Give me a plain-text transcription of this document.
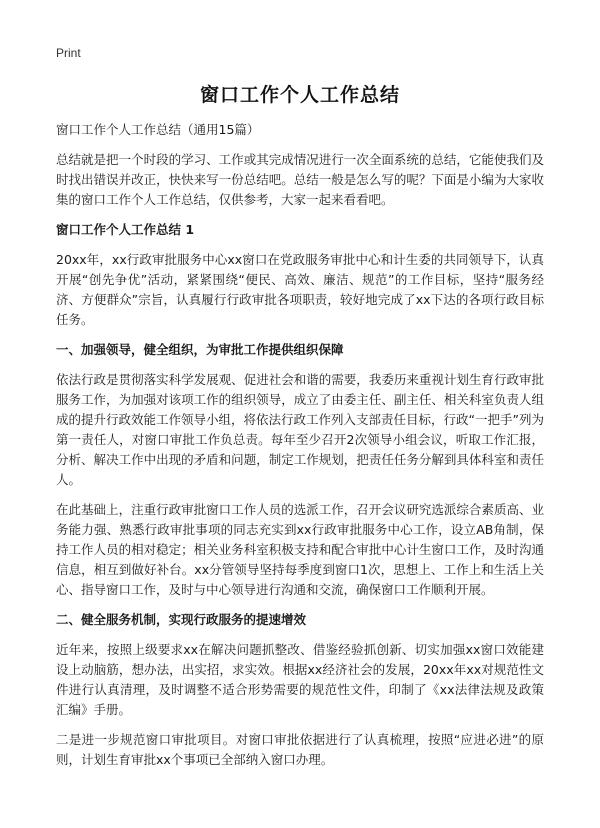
Print
窗口工作个人工作总结
窗口工作个人工作总结（通用15篇）

总结就是把一个时段的学习、工作或其完成情况进行一次全面系统的总结，它能使我们及时找出错误并改正，快快来写一份总结吧。总结一般是怎么写的呢？下面是小编为大家收集的窗口工作个人工作总结，仅供参考，大家一起来看看吧。

窗口工作个人工作总结 1

20xx年，xx行政审批服务中心xx窗口在党政服务审批中心和计生委的共同领导下，认真开展“创先争优”活动，紧紧围绕“便民、高效、廉洁、规范”的工作目标，坚持“服务经济、方便群众”宗旨，认真履行行政审批各项职责，较好地完成了xx下达的各项行政目标任务。

一、加强领导，健全组织，为审批工作提供组织保障

依法行政是贯彻落实科学发展观、促进社会和谐的需要，我委历来重视计划生育行政审批服务工作，为加强对该项工作的组织领导，成立了由委主任、副主任、相关科室负责人组成的提升行政效能工作领导小组，将依法行政工作列入支部责任目标，行政“一把手”列为第一责任人，对窗口审批工作负总责。每年至少召开2次领导小组会议，听取工作汇报，分析、解决工作中出现的矛盾和问题，制定工作规划，把责任任务分解到具体科室和责任人。

在此基础上，注重行政审批窗口工作人员的选派工作，召开会议研究选派综合素质高、业务能力强、熟悉行政审批事项的同志充实到xx行政审批服务中心工作，设立AB角制，保持工作人员的相对稳定；相关业务科室积极支持和配合审批中心计生窗口工作，及时沟通信息，相互到做好补台。xx分管领导坚持每季度到窗口1次，思想上、工作上和生活上关心、指导窗口工作，及时与中心领导进行沟通和交流，确保窗口工作顺利开展。

二、健全服务机制，实现行政服务的提速增效

近年来，按照上级要求xx在解决问题抓整改、借鉴经验抓创新、切实加强xx窗口效能建设上动脑筋，想办法，出实招，求实效。根据xx经济社会的发展，20xx年xx对规范性文件进行认真清理，及时调整不适合形势需要的规范性文件，印制了《xx法律法规及政策汇编》手册。

二是进一步规范窗口审批项目。对窗口审批依据进行了认真梳理，按照“应进必进”的原则，计划生育审批xx个事项已全部纳入窗口办理。
